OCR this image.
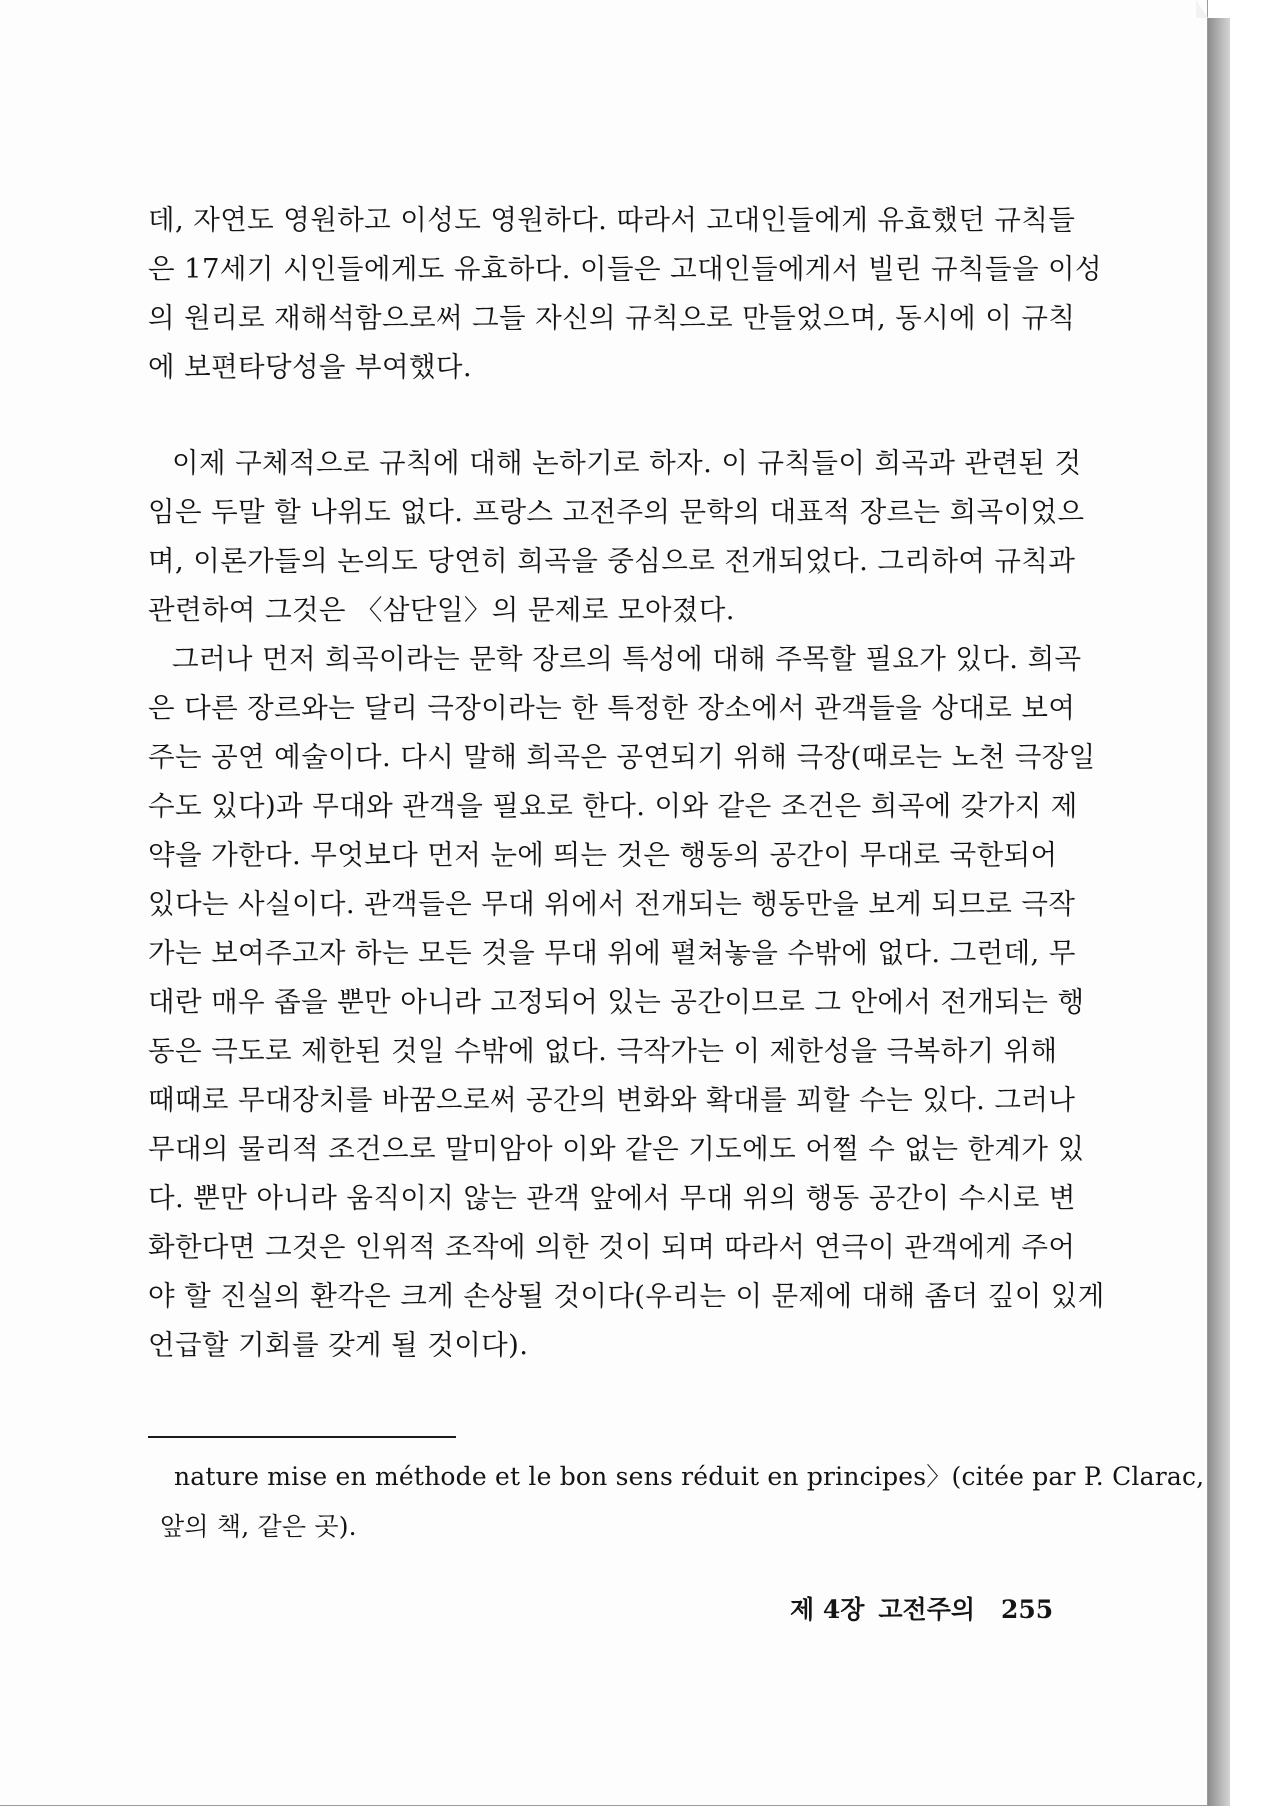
데, 자연도 영원하고 이성도 영원하다. 따라서 고대인들에게 유효했던 규칙들
은 17세기 시인들에게도 유효하다. 이들은 고대인들에게서 빌린 규칙들을 이성
의 원리로 재해석함으로써 그들 자신의 규칙으로 만들었으며, 동시에 이 규칙
에 보편타당성을 부여했다.
이제 구체적으로 규칙에 대해 논하기로 하자. 이 규칙들이 희곡과 관련된 것
임은 두말 할 나위도 없다. 프랑스 고전주의 문학의 대표적 장르는 희곡이었으
며, 이론가들의 논의도 당연히 희곡을 중심으로 전개되었다. 그리하여 규칙과
관련하여 그것은 〈삼단일〉의 문제로 모아졌다.
그러나 먼저 희곡이라는 문학 장르의 특성에 대해 주목할 필요가 있다. 희곡
은 다른 장르와는 달리 극장이라는 한 특정한 장소에서 관객들을 상대로 보여
주는 공연 예술이다. 다시 말해 희곡은 공연되기 위해 극장(때로는 노천 극장일
수도 있다)과 무대와 관객을 필요로 한다. 이와 같은 조건은 희곡에 갖가지 제
약을 가한다. 무엇보다 먼저 눈에 띄는 것은 행동의 공간이 무대로 국한되어
있다는 사실이다. 관객들은 무대 위에서 전개되는 행동만을 보게 되므로 극작
가는 보여주고자 하는 모든 것을 무대 위에 펼쳐놓을 수밖에 없다. 그런데, 무
대란 매우 좁을 뿐만 아니라 고정되어 있는 공간이므로 그 안에서 전개되는 행
동은 극도로 제한된 것일 수밖에 없다. 극작가는 이 제한성을 극복하기 위해
때때로 무대장치를 바꿈으로써 공간의 변화와 확대를 꾀할 수는 있다. 그러나
무대의 물리적 조건으로 말미암아 이와 같은 기도에도 어쩔 수 없는 한계가 있
다. 뿐만 아니라 움직이지 않는 관객 앞에서 무대 위의 행동 공간이 수시로 변
화한다면 그것은 인위적 조작에 의한 것이 되며 따라서 연극이 관객에게 주어
야 할 진실의 환각은 크게 손상될 것이다(우리는 이 문제에 대해 좀더 깊이 있게
언급할 기회를 갖게 될 것이다).
nature mise en méthode et le bon sens réduit en principes〉(citée par P. Clarac,
앞의 책, 같은 곳).
제 4장 고전주의 255
